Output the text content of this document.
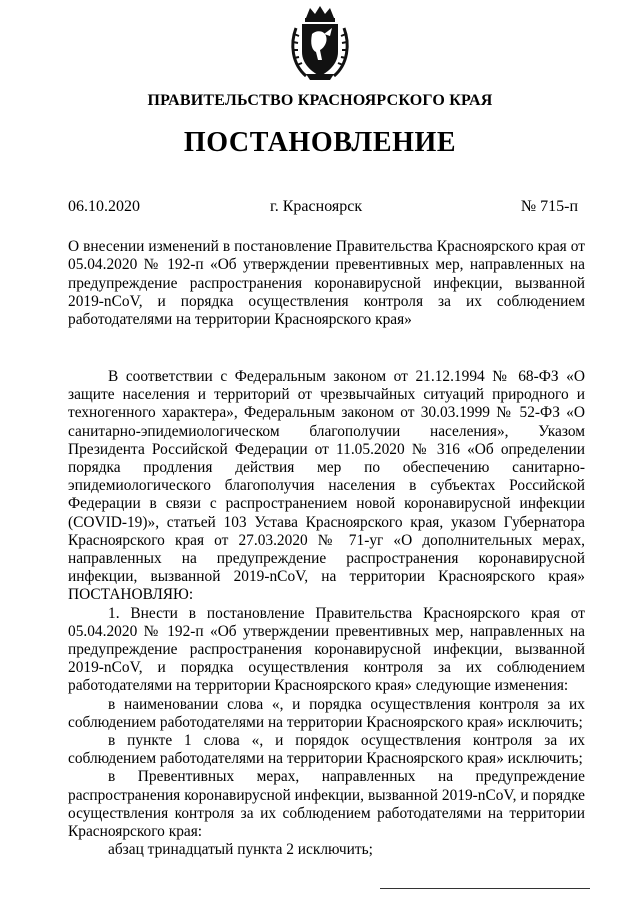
ПРАВИТЕЛЬСТВО КРАСНОЯРСКОГО КРАЯ
ПОСТАНОВЛЕНИЕ
06.10.2020	г. Красноярск	№ 715-п
О внесении изменений в постановление Правительства Красноярского края от 05.04.2020 № 192-п «Об утверждении превентивных мер, направленных на предупреждение распространения коронавирусной инфекции, вызванной 2019-nCoV, и порядка осуществления контроля за их соблюдением работодателями на территории Красноярского края»

В соответствии с Федеральным законом от 21.12.1994 № 68-ФЗ «О защите населения и территорий от чрезвычайных ситуаций природного и техногенного характера», Федеральным законом от 30.03.1999 № 52-ФЗ «О санитарно-эпидемиологическом благополучии населения», Указом Президента Российской Федерации от 11.05.2020 № 316 «Об определении порядка продления действия мер по обеспечению санитарно-эпидемиологического благополучия населения в субъектах Российской Федерации в связи с распространением новой коронавирусной инфекции (COVID-19)», статьей 103 Устава Красноярского края, указом Губернатора Красноярского края от 27.03.2020 № 71-уг «О дополнительных мерах, направленных на предупреждение распространения коронавирусной инфекции, вызванной 2019-nCoV, на территории Красноярского края» ПОСТАНОВЛЯЮ:

1. Внести в постановление Правительства Красноярского края от 05.04.2020 № 192-п «Об утверждении превентивных мер, направленных на предупреждение распространения коронавирусной инфекции, вызванной 2019-nCoV, и порядка осуществления контроля за их соблюдением работодателями на территории Красноярского края» следующие изменения:

в наименовании слова «, и порядка осуществления контроля за их соблюдением работодателями на территории Красноярского края» исключить;

в пункте 1 слова «, и порядок осуществления контроля за их соблюдением работодателями на территории Красноярского края» исключить;

в Превентивных мерах, направленных на предупреждение распространения коронавирусной инфекции, вызванной 2019-nCoV, и порядке осуществления контроля за их соблюдением работодателями на территории Красноярского края:

абзац тринадцатый пункта 2 исключить;
